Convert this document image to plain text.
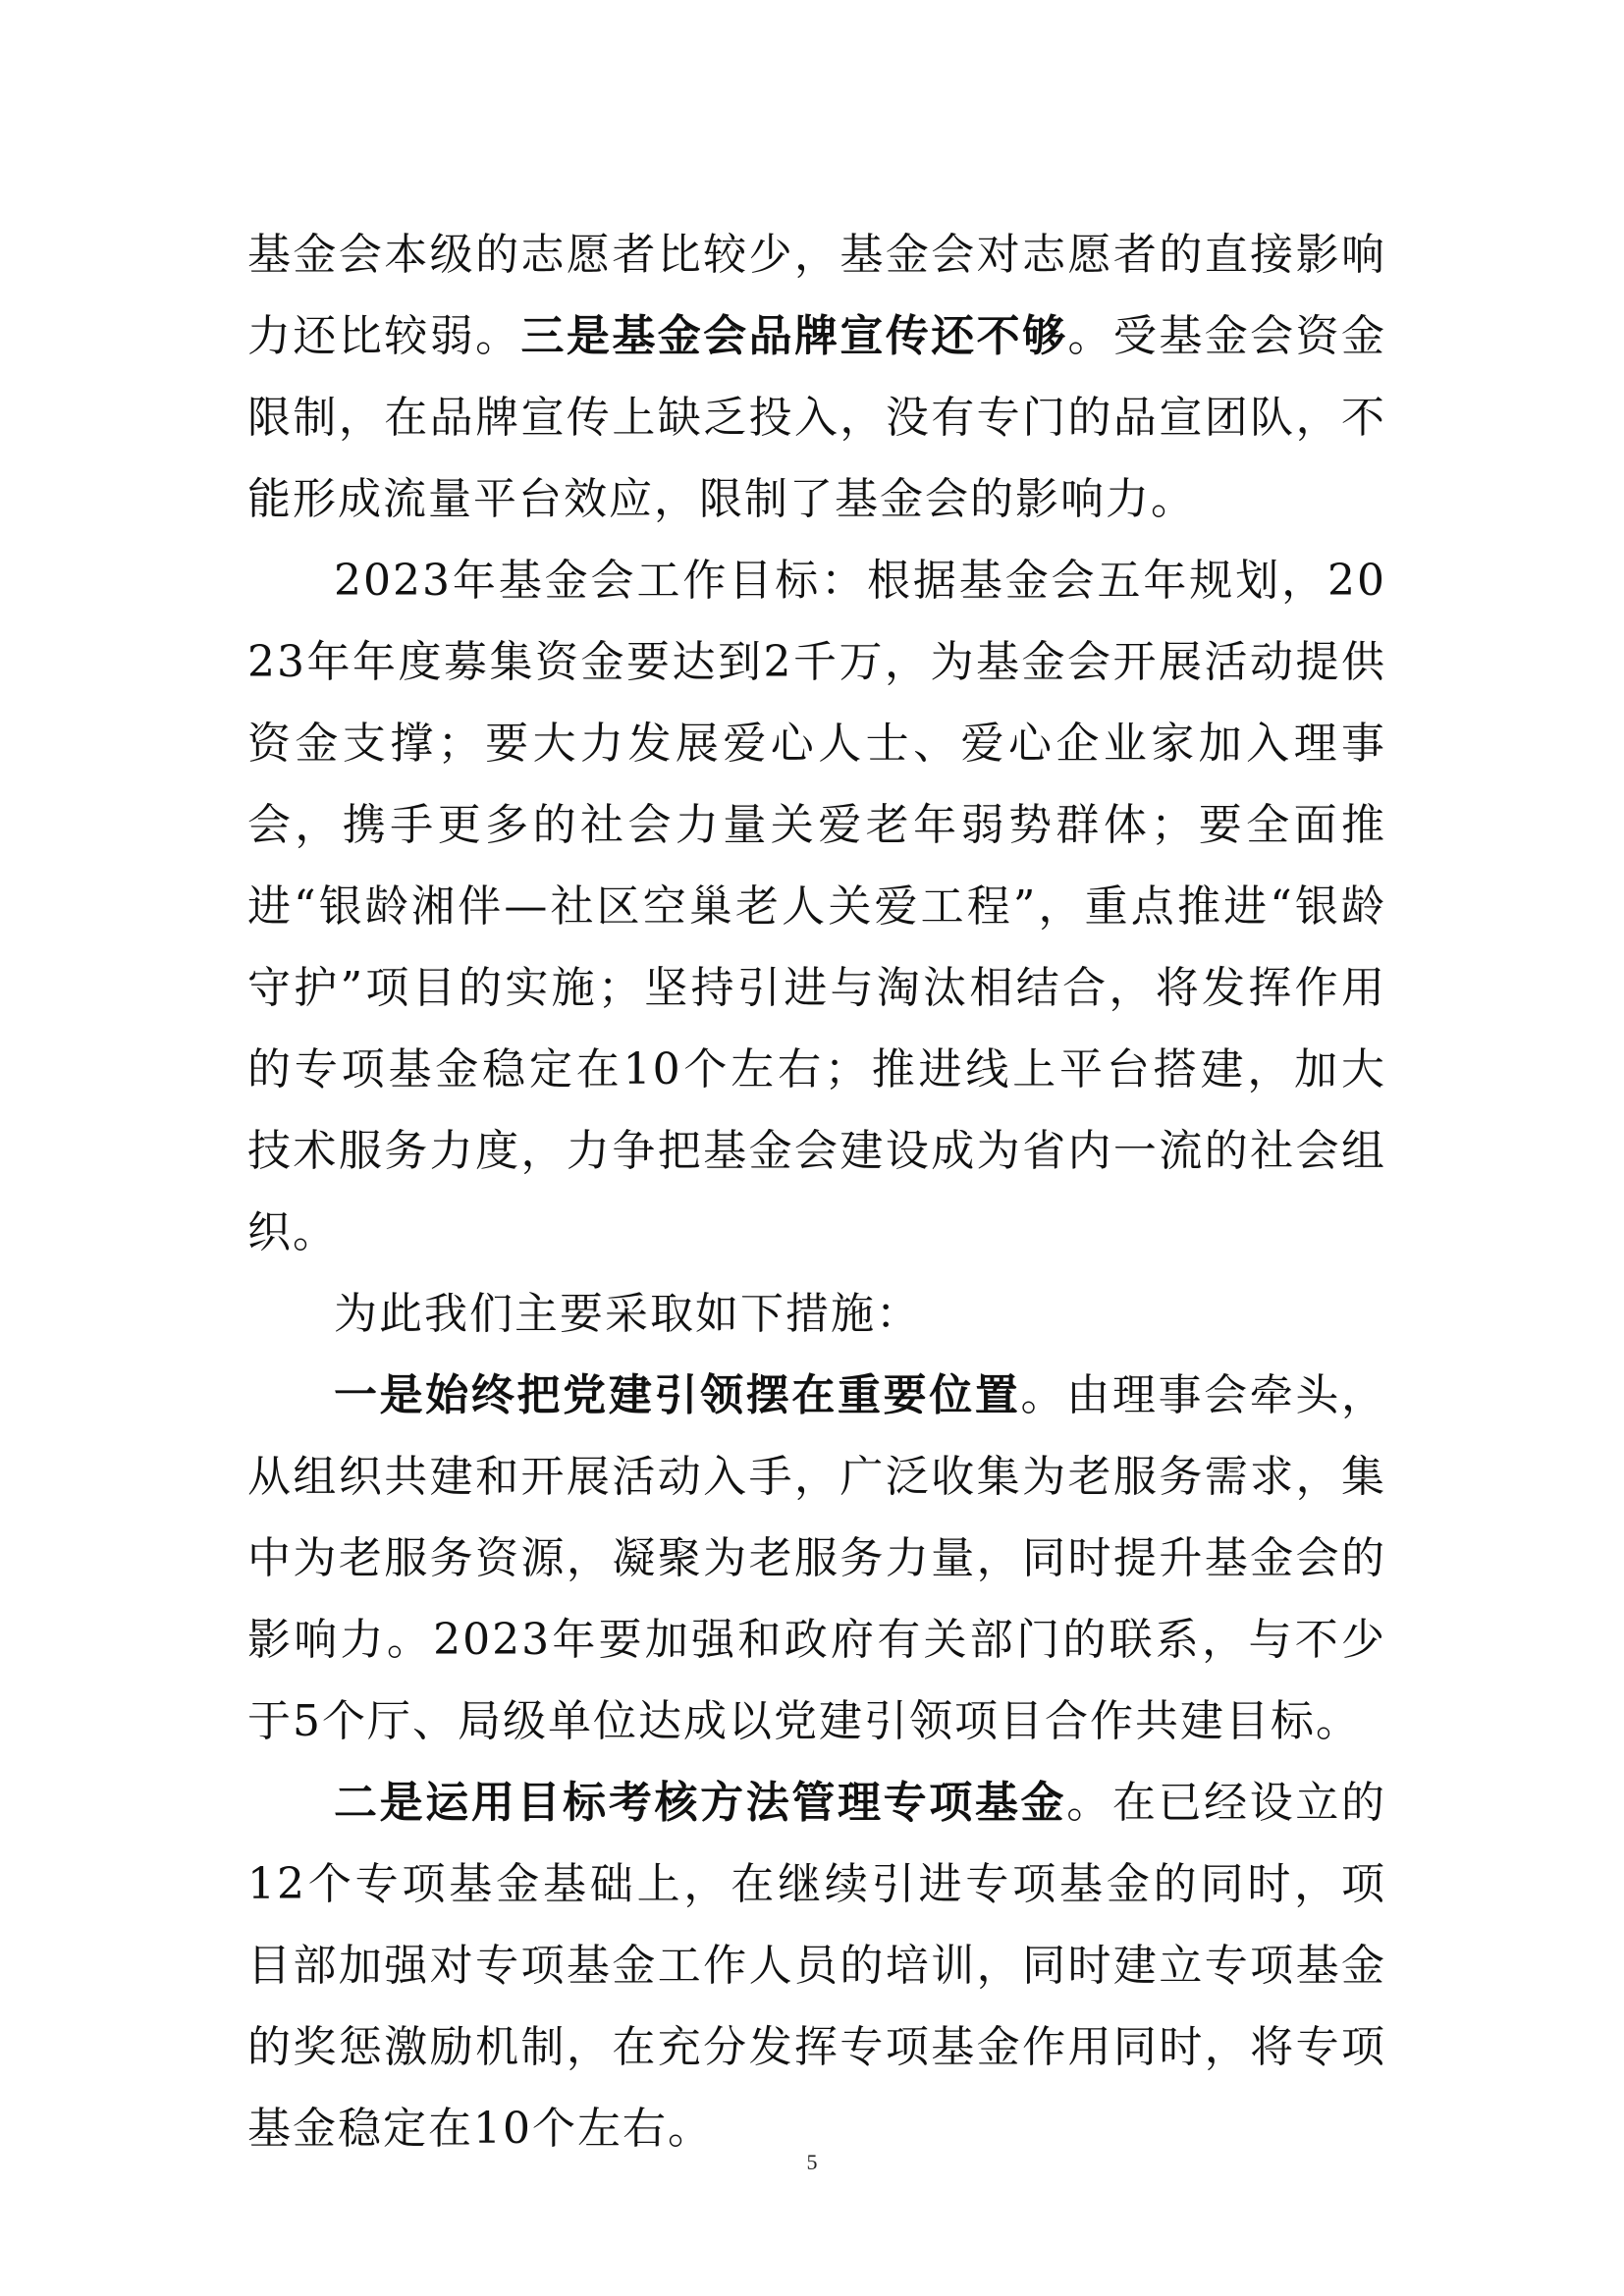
基金会本级的志愿者比较少，基金会对志愿者的直接影响力还比较弱。三是基金会品牌宣传还不够。受基金会资金限制，在品牌宣传上缺乏投入，没有专门的品宣团队，不能形成流量平台效应，限制了基金会的影响力。

2023年基金会工作目标：根据基金会五年规划，2023年年度募集资金要达到2千万，为基金会开展活动提供资金支撑；要大力发展爱心人士、爱心企业家加入理事会，携手更多的社会力量关爱老年弱势群体；要全面推进“银龄湘伴—社区空巢老人关爱工程”，重点推进“银龄守护”项目的实施；坚持引进与淘汰相结合，将发挥作用的专项基金稳定在10个左右；推进线上平台搭建，加大技术服务力度，力争把基金会建设成为省内一流的社会组织。

为此我们主要采取如下措施：

一是始终把党建引领摆在重要位置。由理事会牵头，从组织共建和开展活动入手，广泛收集为老服务需求，集中为老服务资源，凝聚为老服务力量，同时提升基金会的影响力。2023年要加强和政府有关部门的联系，与不少于5个厅、局级单位达成以党建引领项目合作共建目标。

二是运用目标考核方法管理专项基金。在已经设立的12个专项基金基础上，在继续引进专项基金的同时，项目部加强对专项基金工作人员的培训，同时建立专项基金的奖惩激励机制，在充分发挥专项基金作用同时，将专项基金稳定在10个左右。

5
